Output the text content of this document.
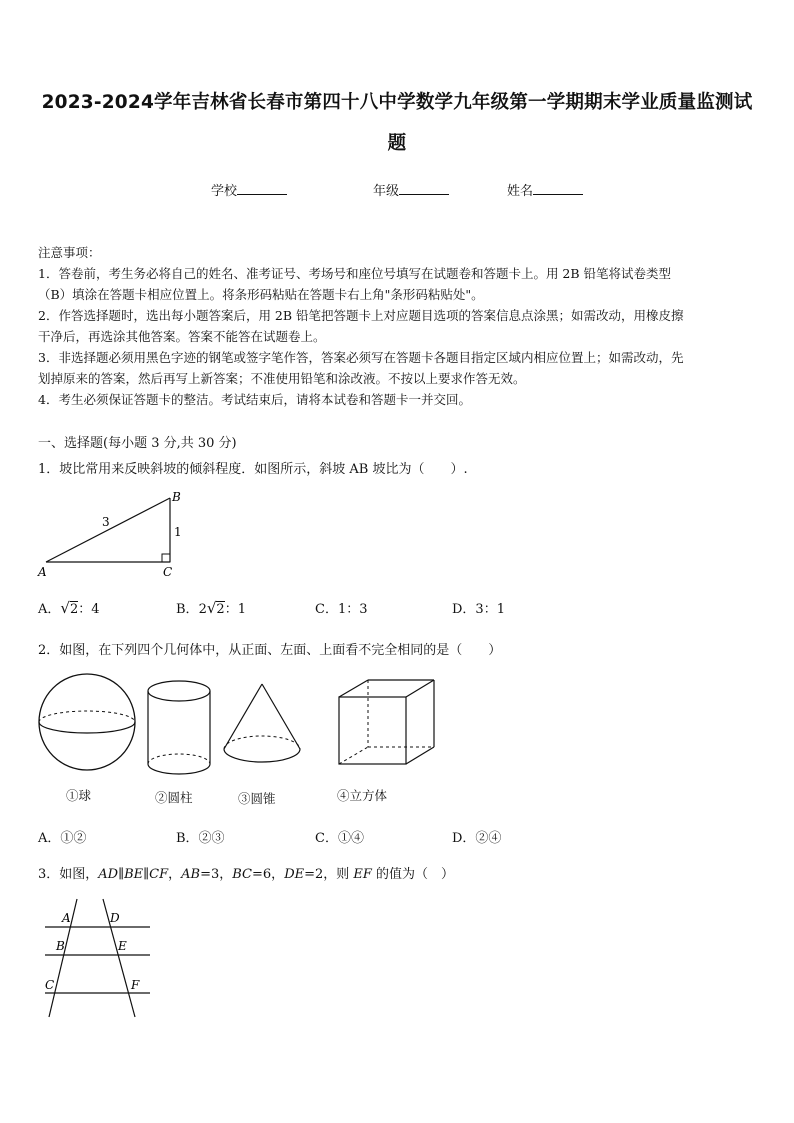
2023-2024学年吉林省长春市第四十八中学数学九年级第一学期期末学业质量监测试
题
学校	年级	姓名
注意事项：
1．答卷前，考生务必将自己的姓名、准考证号、考场号和座位号填写在试题卷和答题卡上。用 2B 铅笔将试卷类型
（B）填涂在答题卡相应位置上。将条形码粘贴在答题卡右上角"条形码粘贴处"。
2．作答选择题时，选出每小题答案后，用 2B 铅笔把答题卡上对应题目选项的答案信息点涂黑；如需改动，用橡皮擦
干净后，再选涂其他答案。答案不能答在试题卷上。
3．非选择题必须用黑色字迹的钢笔或签字笔作答，答案必须写在答题卡各题目指定区域内相应位置上；如需改动，先
划掉原来的答案，然后再写上新答案；不准使用铅笔和涂改液。不按以上要求作答无效。
4．考生必须保证答题卡的整洁。考试结束后，请将本试卷和答题卡一并交回。
一、选择题(每小题 3 分,共 30 分)
1．坡比常用来反映斜坡的倾斜程度．如图所示，斜坡 AB 坡比为（　　）.
A	C
B
3
1
A．√2：4	B．2√2：1	C．1：3	D．3：1
2．如图，在下列四个几何体中，从正面、左面、上面看不完全相同的是（　　）
①球	②圆柱	③圆锥	④立方体
A．①②	B．②③	C．①④	D．②④
3．如图，AD∥BE∥CF，AB=3，BC=6，DE=2，则 EF 的值为（　）
A	D
B	E
C	F
